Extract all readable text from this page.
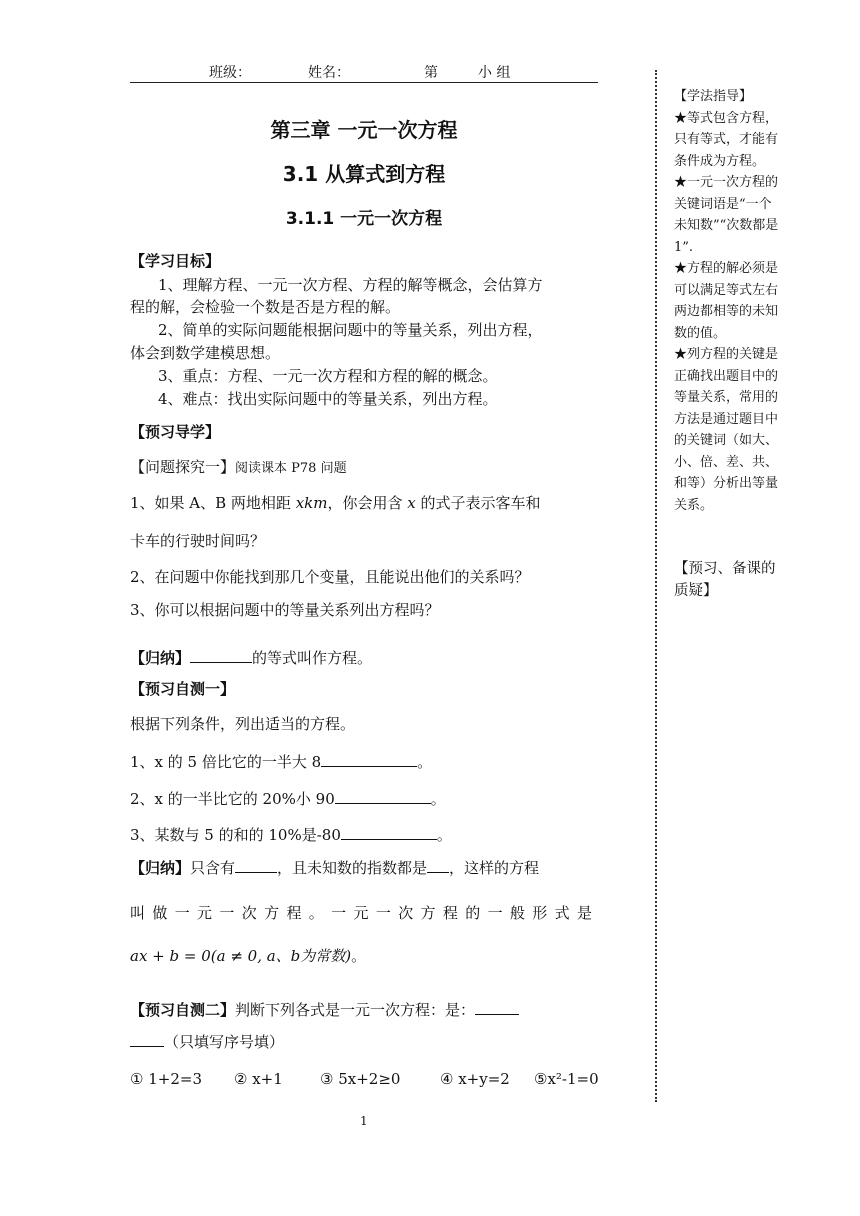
班级：	姓名：	第	小 组
第三章 一元一次方程
3.1 从算式到方程
3.1.1 一元一次方程
【学习目标】
1、理解方程、一元一次方程、方程的解等概念，会估算方
程的解，会检验一个数是否是方程的解。
2、简单的实际问题能根据问题中的等量关系，列出方程，
体会到数学建模思想。
3、重点：方程、一元一次方程和方程的解的概念。
4、难点：找出实际问题中的等量关系，列出方程。
【预习导学】
【问题探究一】阅读课本 P78 问题
1、如果 A、B 两地相距 xkm，你会用含 x 的式子表示客车和
卡车的行驶时间吗？
2、在问题中你能找到那几个变量，且能说出他们的关系吗？
3、你可以根据问题中的等量关系列出方程吗？
【归纳】	的等式叫作方程。
【预习自测一】
根据下列条件，列出适当的方程。
1、x 的 5 倍比它的一半大 8	。
2、x 的一半比它的 20%小 90	。
3、某数与 5 的和的 10%是-80	。
【归纳】只含有	，且未知数的指数都是 ，这样的方程
叫做一元一次方程。一元一次方程的一般形式是
ax + b = 0(a ≠ 0, a、b为常数)。
【预习自测二】判断下列各式是一元一次方程：是：
（只填写序号填）
① 1+2=3 ② x+1 ③ 5x+2≥0	④ x+y=2 ⑤x²-1=0

【学法指导】

★等式包含方程，

只有等式，才能有

条件成为方程。

★一元一次方程的

关键词语是“一个

未知数”“次数都是

1”.

★方程的解必须是

可以满足等式左右

两边都相等的未知

数的值。

★列方程的关键是

正确找出题目中的

等量关系，常用的

方法是通过题目中

的关键词（如大、

小、倍、差、共、

和等）分析出等量

关系。

【预习、备课的

质疑】

1
